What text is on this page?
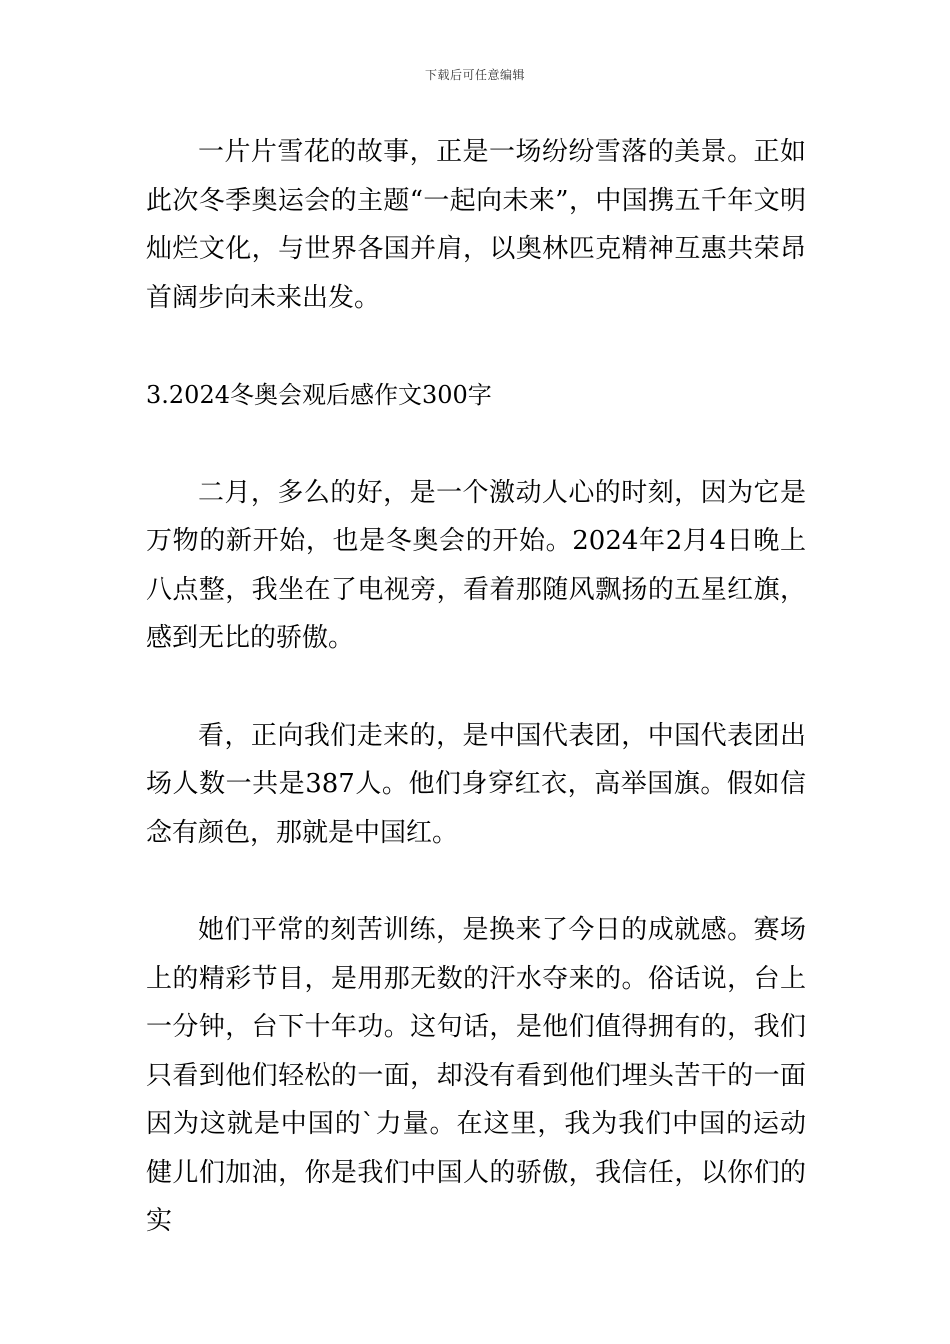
下载后可任意编辑

一片片雪花的故事，正是一场纷纷雪落的美景。正如此次冬季奥运会的主题“一起向未来”，中国携五千年文明灿烂文化，与世界各国并肩，以奥林匹克精神互惠共荣昂首阔步向未来出发。

3.2024冬奥会观后感作文300字

二月，多么的好，是一个激动人心的时刻，因为它是万物的新开始，也是冬奥会的开始。2024年2月4日晚上八点整，我坐在了电视旁，看着那随风飘扬的五星红旗，感到无比的骄傲。

看，正向我们走来的，是中国代表团，中国代表团出场人数一共是387人。他们身穿红衣，高举国旗。假如信念有颜色，那就是中国红。

她们平常的刻苦训练，是换来了今日的成就感。赛场上的精彩节目，是用那无数的汗水夺来的。俗话说，台上一分钟，台下十年功。这句话，是他们值得拥有的，我们只看到他们轻松的一面，却没有看到他们埋头苦干的一面因为这就是中国的`力量。在这里，我为我们中国的运动健儿们加油，你是我们中国人的骄傲，我信任，以你们的实
